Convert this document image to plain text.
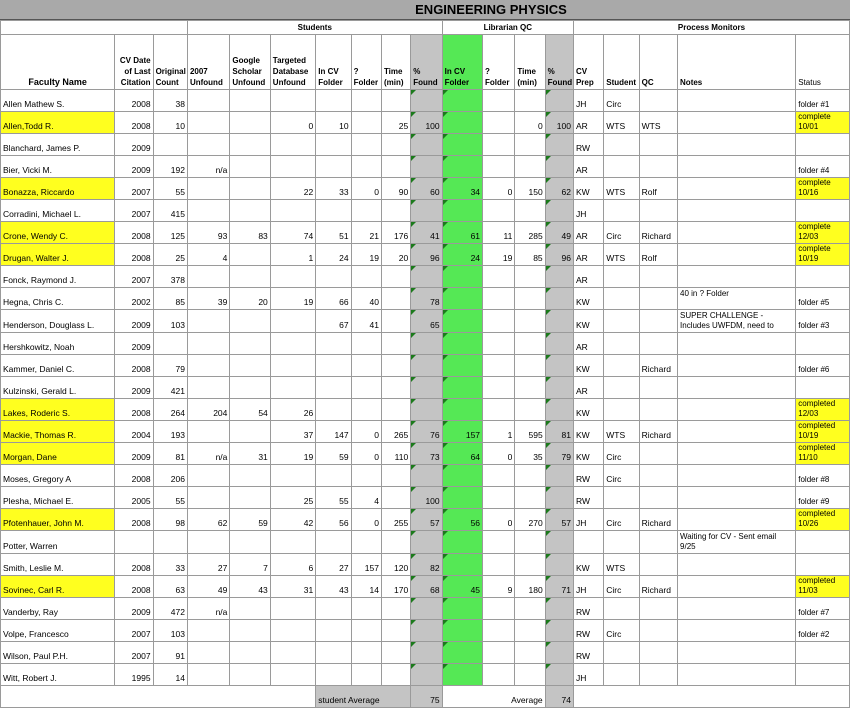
ENGINEERING PHYSICS
			Students							Librarian QC				Process Monitors				
Faculty Name	CV Date of Last Citation	Original Count	2007 Unfound	Google Scholar Unfound	Targeted Database Unfound	In CV Folder	? Folder	Time (min)	% Found	In CV Folder	? Folder	Time (min)	% Found	CV Prep	Student	QC	Notes	Status
Allen Mathew S.	2008	38												JH	Circ			folder #1
Allen,Todd R.	2008	10			0	10		25	100			0	100	AR	WTS	WTS		complete 10/01
Blanchard, James P.	2009													RW				
Bier, Vicki M.	2009	192	n/a											AR				folder #4
Bonazza, Riccardo	2007	55			22	33	0	90	60	34	0	150	62	KW	WTS	Rolf		complete 10/16
Corradini, Michael L.	2007	415												JH				
Crone, Wendy C.	2008	125	93	83	74	51	21	176	41	61	11	285	49	AR	Circ	Richard		complete 12/03
Drugan, Walter J.	2008	25	4		1	24	19	20	96	24	19	85	96	AR	WTS	Rolf		complete 10/19
Fonck, Raymond J.	2007	378												AR				
Hegna, Chris C.	2002	85	39	20	19	66	40		78					KW			40 in ? Folder	folder #5
Henderson, Douglass L.	2009	103				67	41		65					KW			SUPER CHALLENGE - Includes UWFDM, need to	folder #3
Hershkowitz, Noah	2009													AR				
Kammer, Daniel C.	2008	79												KW		Richard		folder #6
Kulzinski, Gerald L.	2009	421												AR				
Lakes, Roderic S.	2008	264	204	54	26									KW				completed 12/03
Mackie, Thomas R.	2004	193			37	147	0	265	76	157	1	595	81	KW	WTS	Richard		completed 10/19
Morgan, Dane	2009	81	n/a	31	19	59	0	110	73	64	0	35	79	KW	Circ			completed 11/10
Moses, Gregory A	2008	206												RW	Circ			folder #8
Plesha, Michael E.	2005	55			25	55	4		100					RW				folder #9
Pfotenhauer, John M.	2008	98	62	59	42	56	0	255	57	56	0	270	57	JH	Circ	Richard		completed 10/26
Potter, Warren																	Waiting for CV - Sent email 9/25	
Smith, Leslie M.	2008	33	27	7	6	27	157	120	82					KW	WTS			
Sovinec, Carl R.	2008	63	49	43	31	43	14	170	68	45	9	180	71	JH	Circ	Richard		completed 11/03
Vanderby, Ray	2009	472	n/a											RW				folder #7
Volpe, Francesco	2007	103												RW	Circ			folder #2
Wilson, Paul P.H.	2007	91												RW				
Witt, Robert J.	1995	14												JH				
						student Average			75	Average			74					
